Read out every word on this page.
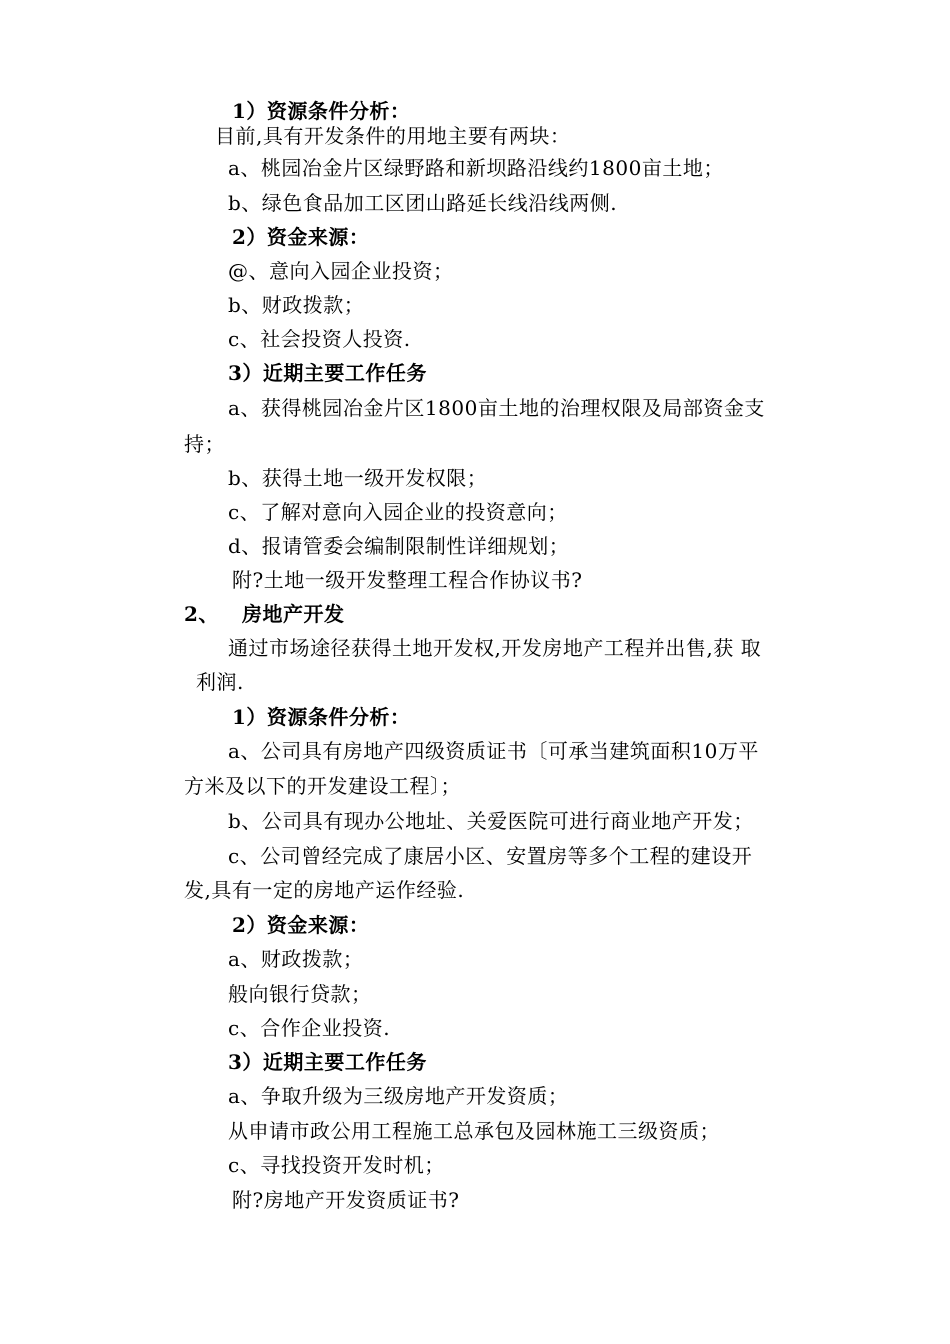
1）资源条件分析：
目前,具有开发条件的用地主要有两块：
a、桃园冶金片区绿野路和新坝路沿线约1800亩土地；
b、绿色食品加工区团山路延长线沿线两侧.
2）资金来源：
@、意向入园企业投资；
b、财政拨款；
c、社会投资人投资.
3）近期主要工作任务
a、获得桃园冶金片区1800亩土地的治理权限及局部资金支
持；
b、获得土地一级开发权限；
c、了解对意向入园企业的投资意向；
d、报请管委会编制限制性详细规划；
附?土地一级开发整理工程合作协议书?
2、 房地产开发
通过市场途径获得土地开发权,开发房地产工程并出售,获 取
利润.
1）资源条件分析：
a、公司具有房地产四级资质证书〔可承当建筑面积10万平
方米及以下的开发建设工程〕；
b、公司具有现办公地址、关爱医院可进行商业地产开发；
c、公司曾经完成了康居小区、安置房等多个工程的建设开
发,具有一定的房地产运作经验.
2）资金来源：
a、财政拨款；
般向银行贷款；
c、合作企业投资.
3）近期主要工作任务
a、争取升级为三级房地产开发资质；
从申请市政公用工程施工总承包及园林施工三级资质；
c、寻找投资开发时机；
附?房地产开发资质证书?
